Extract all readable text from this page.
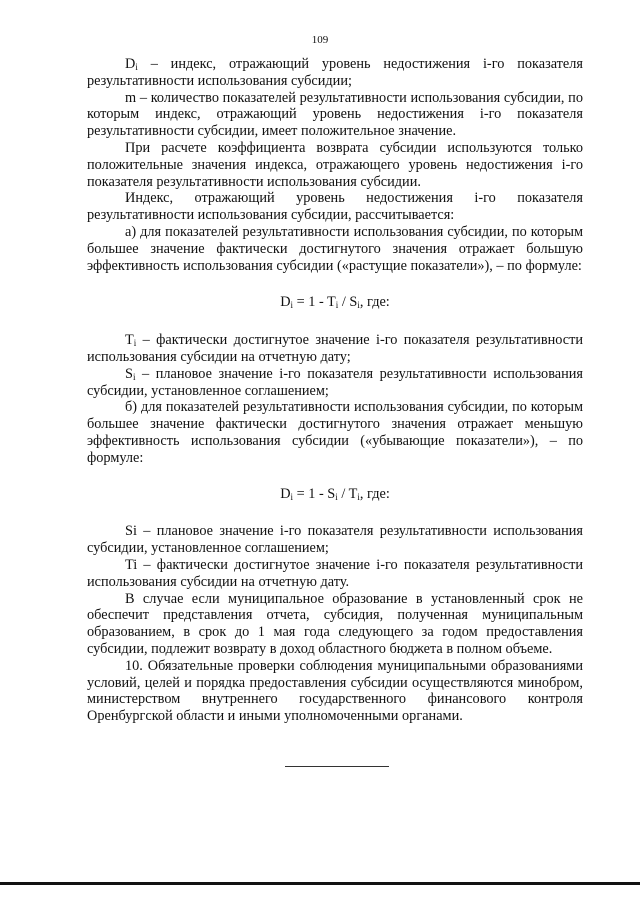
109

$D_i$ – индекс, отражающий уровень недостижения i-го показателя результативности использования субсидии;

m – количество показателей результативности использования субсидии, по которым индекс, отражающий уровень недостижения i-го показателя результативности субсидии, имеет положительное значение.

При расчете коэффициента возврата субсидии используются только положительные значения индекса, отражающего уровень недостижения i-го показателя результативности использования субсидии.

Индекс, отражающий уровень недостижения i-го показателя результативности использования субсидии, рассчитывается:

а) для показателей результативности использования субсидии, по которым большее значение фактически достигнутого значения отражает большую эффективность использования субсидии («растущие показатели»), – по формуле:

$D_i = 1 - T_i / S_i$, где:

$T_i$ – фактически достигнутое значение i-го показателя результативности использования субсидии на отчетную дату;

$S_i$ – плановое значение i-го показателя результативности использования субсидии, установленное соглашением;

б) для показателей результативности использования субсидии, по которым большее значение фактически достигнутого значения отражает меньшую эффективность использования субсидии («убывающие показатели»), – по формуле:

$D_i = 1 - S_i / T_i$, где:

Si – плановое значение i-го показателя результативности использования субсидии, установленное соглашением;

Ti – фактически достигнутое значение i-го показателя результативности использования субсидии на отчетную дату.

В случае если муниципальное образование в установленный срок не обеспечит представления отчета, субсидия, полученная муниципальным образованием, в срок до 1 мая года следующего за годом предоставления субсидии, подлежит возврату в доход областного бюджета в полном объеме.

10. Обязательные проверки соблюдения муниципальными образованиями условий, целей и порядка предоставления субсидии осуществляются минобром, министерством внутреннего государственного финансового контроля Оренбургской области и иными уполномоченными органами.
